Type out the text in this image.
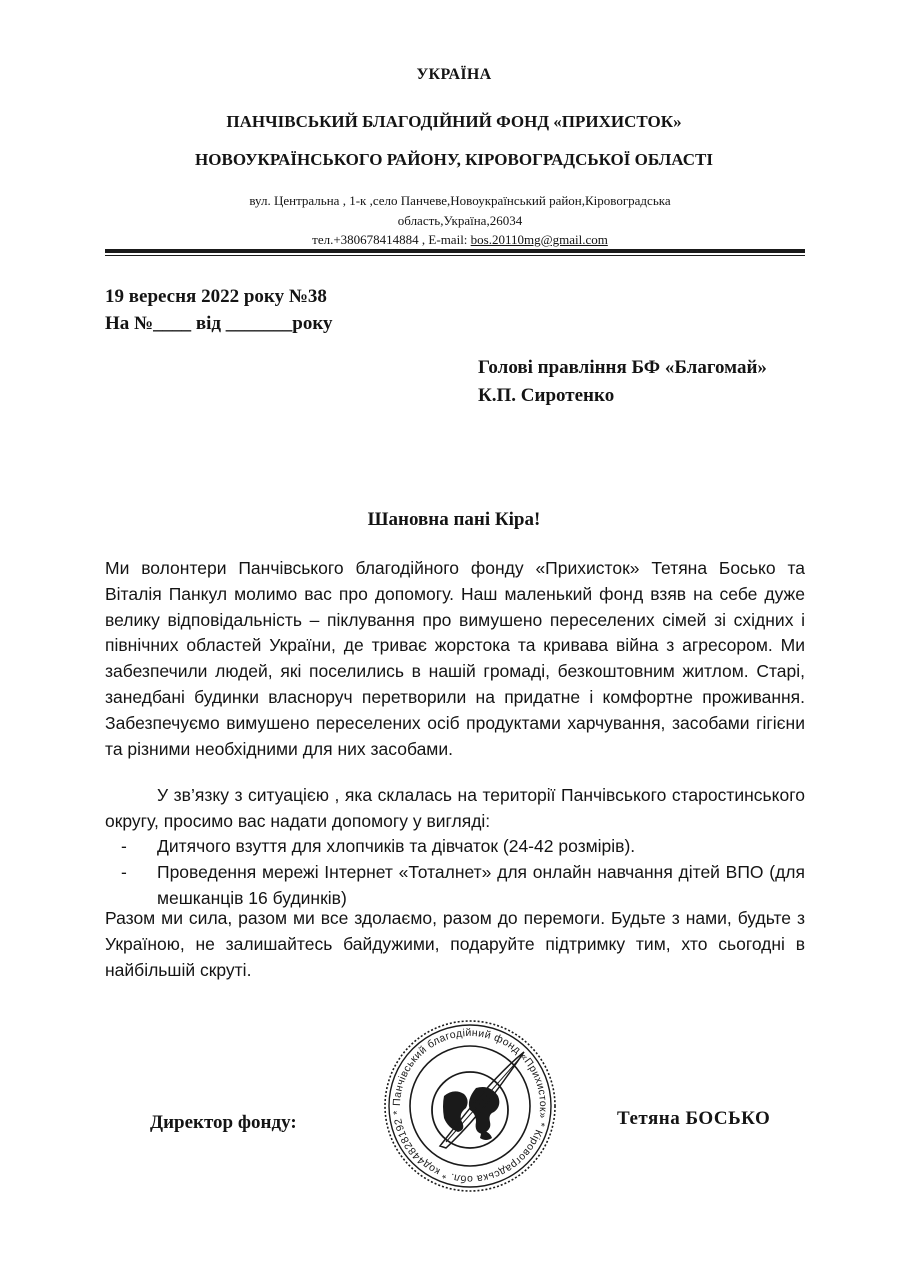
УКРАЇНА
ПАНЧІВСЬКИЙ БЛАГОДІЙНИЙ ФОНД «ПРИХИСТОК»
НОВОУКРАЇНСЬКОГО РАЙОНУ, КІРОВОГРАДСЬКОЇ ОБЛАСТІ
вул. Центральна , 1-к ,село Панчеве,Новоукраїнський район,Кіровоградська
область,Україна,26034
тел.+380678414884 , E-mail: bos.20110mg@gmail.com
19 вересня 2022 року №38
На №____ від _______року
Голові правління БФ «Благомай»
К.П. Сиротенко
Шановна пані Кіра!
Ми волонтери Панчівського благодійного фонду «Прихисток» Тетяна Босько та Віталія Панкул молимо вас про допомогу. Наш маленький фонд взяв на себе дуже велику відповідальність – піклування про вимушено переселених сімей зі східних і північних областей України, де триває жорстока та кривава війна з агресором. Ми забезпечили людей, які поселились в нашій громаді, безкоштовним житлом. Старі, занедбані будинки власноруч перетворили на придатне і комфортне проживання. Забезпечуємо вимушено переселених осіб продуктами харчування, засобами гігієни та різними необхідними для них засобами.
У зв’язку з ситуацією , яка склалась на території Панчівського старостинського округу, просимо вас надати допомогу у вигляді:
- Дитячого взуття для хлопчиків та дівчаток (24-42 розмірів).
- Проведення мережі Інтернет «Тоталнет» для онлайн навчання дітей ВПО (для мешканців 16 будинків)
Разом ми сила, разом ми все здолаємо, разом до перемоги. Будьте з нами, будьте з Україною, не залишайтесь байдужими, подаруйте підтримку тим, хто сьогодні в найбільшій скруті.
Директор фонду:	Тетяна БОСЬКО
Панчівський благодійний фонд «Прихисток» * Кіровоградська обл. * код44828192 *
